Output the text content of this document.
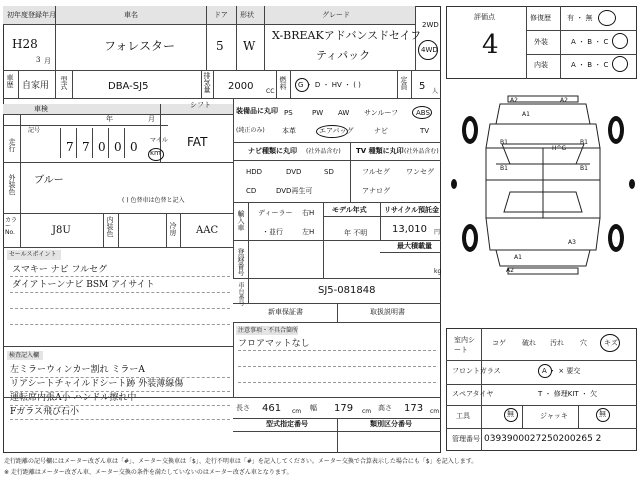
初年度登録年月
H28
3 月
車名
フォレスター
ドア
5
形状
W
グレード
X-BREAKアドバンスドセイフ
ティパック
2WD
4WD
車歴 自家用 型式	DBA-SJ5	排気量 2000 CC
燃料 G ・ D ・ HV ・ ( )	定員 5 人
車検
年	月
シフト
FAT
走行
記号
7 7 0 0 0 マイル
km
外装色 ブルー
( ) 色替車は色替と記入
カラー No.	J8U	内装色	冷房 AAC
セールスポイント
スマキー ナビ フルセグ
ダイアトーンナビ BSM アイサイト
装備品に丸印
(純正のみ)
PS	PW AW サンルーフ	ABS
本革	エアバッグ	ナビ	TV
ナビ種類に丸印 (社外品含む)
HDD	DVD	SD
CD	DVD再生可
TV 種類に丸印 (社外品含む)
フルセグ ワンセグ
アナログ
輸入車 ディーラー
・並行
右H
左H
モデル年式
年 不明
リサイクル預託金
13,010 円
最大積載量
kg
登録番号
車台番号	SJ5-081848
新車保証書	取扱説明書
注意事項・不具合箇所
フロアマットなし
検査記入欄
左ミラーウィンカー割れ ミラーA
リアシートチャイルドシート跡 外装薄線傷
運転席内張A小 ハンドル擦れ中
Fガラス飛び石小	長さ 461 cm 幅 179 cm 高さ 173 cm
型式指定番号	類別区分番号
評価点
4
修復歴 有 ・ 無
外装	A ・ B ・ C
内装	A ・ B ・ C
A2	A2
A1
B1	B1
H^G
B1	B1
A3
A1
A2
室内シート
コゲ 破れ 汚れ 穴 キズ
フロントガラス	A ・ × 要交
スペアタイヤ	T ・ 修理KIT ・ 欠
工具	無	ジャッキ	無
管理番号 0393900027250200265 2
走行距離の記号欄にはメーター改ざん車は「#」、メーター交換車は「$」、走行不明車は「#」を記入してください。メーター交換で合算表示した場合にも「$」を記入します。
※ 走行距離はメーター改ざん車、メーター交換の条件を満たしていないのはメーター改ざん車となります。
